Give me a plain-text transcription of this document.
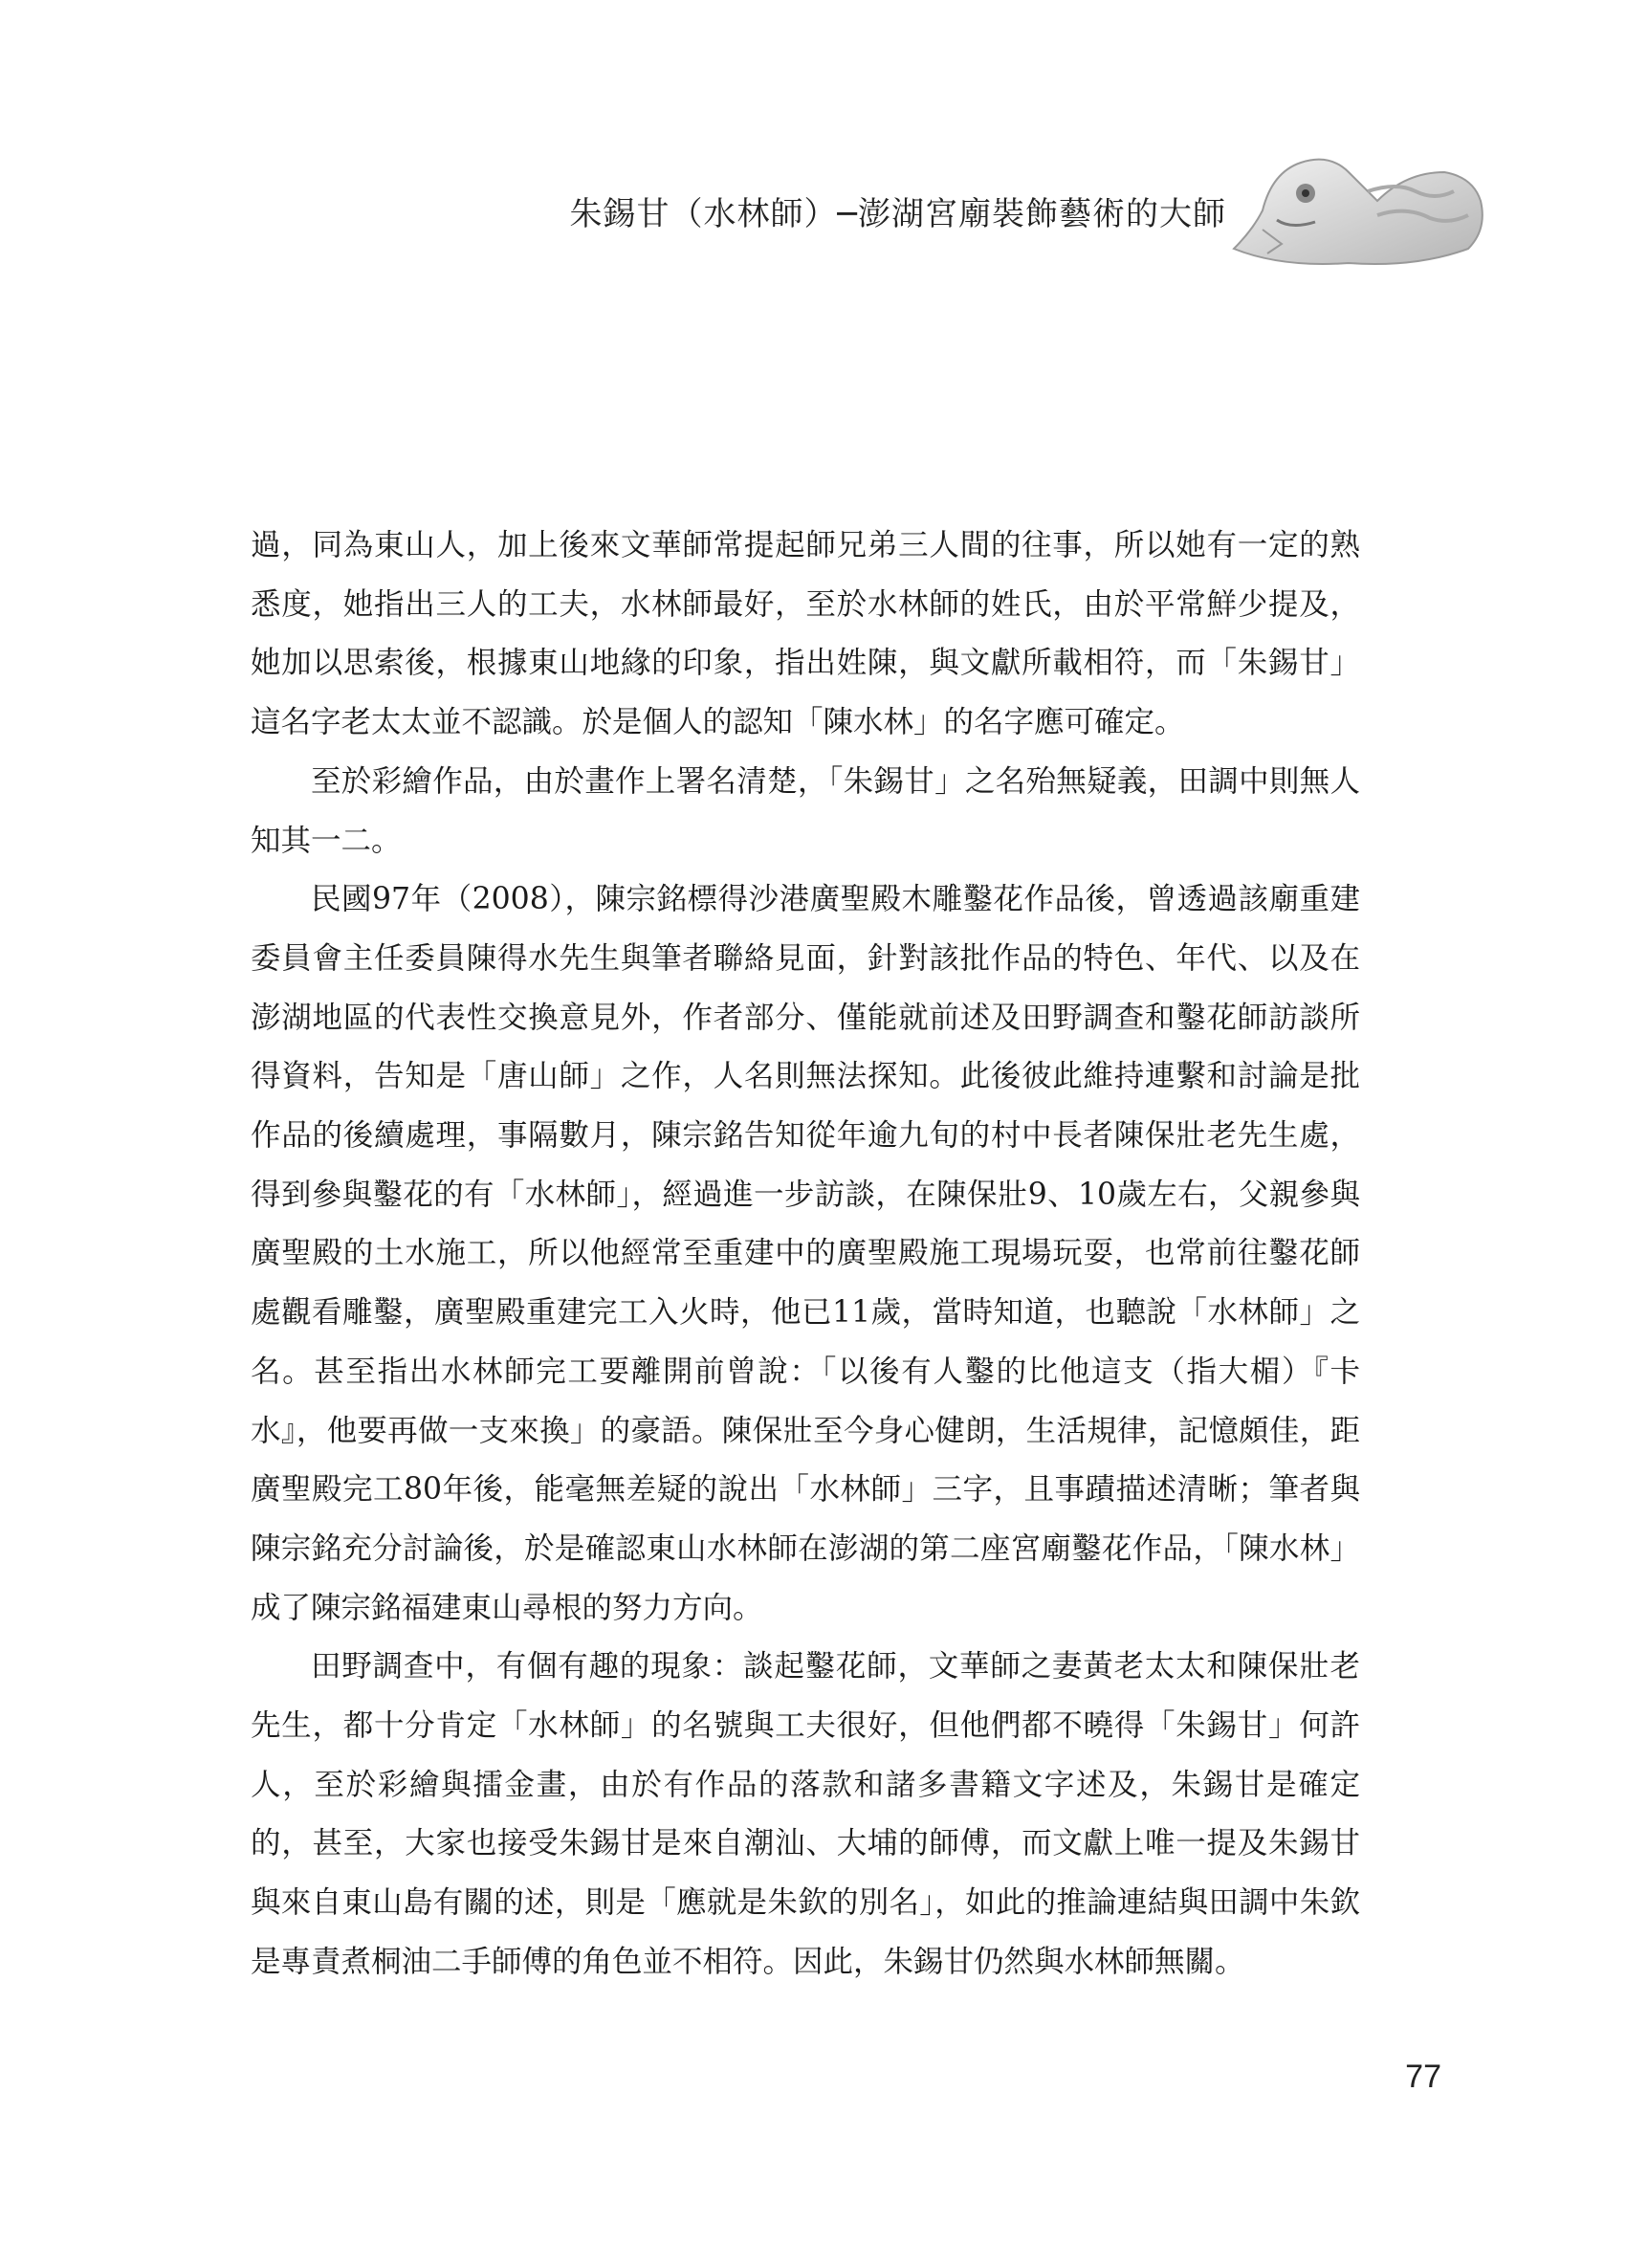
朱錫甘（水林師）─澎湖宮廟裝飾藝術的大師

過，同為東山人，加上後來文華師常提起師兄弟三人間的往事，所以她有一定的熟悉度，她指出三人的工夫，水林師最好，至於水林師的姓氏，由於平常鮮少提及，她加以思索後，根據東山地緣的印象，指出姓陳，與文獻所載相符，而「朱錫甘」這名字老太太並不認識。於是個人的認知「陳水林」的名字應可確定。

至於彩繪作品，由於畫作上署名清楚，「朱錫甘」之名殆無疑義，田調中則無人知其一二。

民國97年（2008），陳宗銘標得沙港廣聖殿木雕鑿花作品後，曾透過該廟重建委員會主任委員陳得水先生與筆者聯絡見面，針對該批作品的特色、年代、以及在澎湖地區的代表性交換意見外，作者部分、僅能就前述及田野調查和鑿花師訪談所得資料，告知是「唐山師」之作，人名則無法探知。此後彼此維持連繫和討論是批作品的後續處理，事隔數月，陳宗銘告知從年逾九旬的村中長者陳保壯老先生處，得到參與鑿花的有「水林師」，經過進一步訪談，在陳保壯9、10歲左右，父親參與廣聖殿的土水施工，所以他經常至重建中的廣聖殿施工現場玩耍，也常前往鑿花師處觀看雕鑿，廣聖殿重建完工入火時，他已11歲，當時知道，也聽說「水林師」之名。甚至指出水林師完工要離開前曾說：「以後有人鑿的比他這支（指大楣）『卡水』，他要再做一支來換」的豪語。陳保壯至今身心健朗，生活規律，記憶頗佳，距廣聖殿完工80年後，能毫無差疑的說出「水林師」三字，且事蹟描述清晰；筆者與陳宗銘充分討論後，於是確認東山水林師在澎湖的第二座宮廟鑿花作品，「陳水林」成了陳宗銘福建東山尋根的努力方向。

田野調查中，有個有趣的現象：談起鑿花師，文華師之妻黃老太太和陳保壯老先生，都十分肯定「水林師」的名號與工夫很好，但他們都不曉得「朱錫甘」何許人，至於彩繪與擂金畫，由於有作品的落款和諸多書籍文字述及，朱錫甘是確定的，甚至，大家也接受朱錫甘是來自潮汕、大埔的師傅，而文獻上唯一提及朱錫甘與來自東山島有關的述，則是「應就是朱欽的別名」，如此的推論連結與田調中朱欽是專責煮桐油二手師傅的角色並不相符。因此，朱錫甘仍然與水林師無關。

77
